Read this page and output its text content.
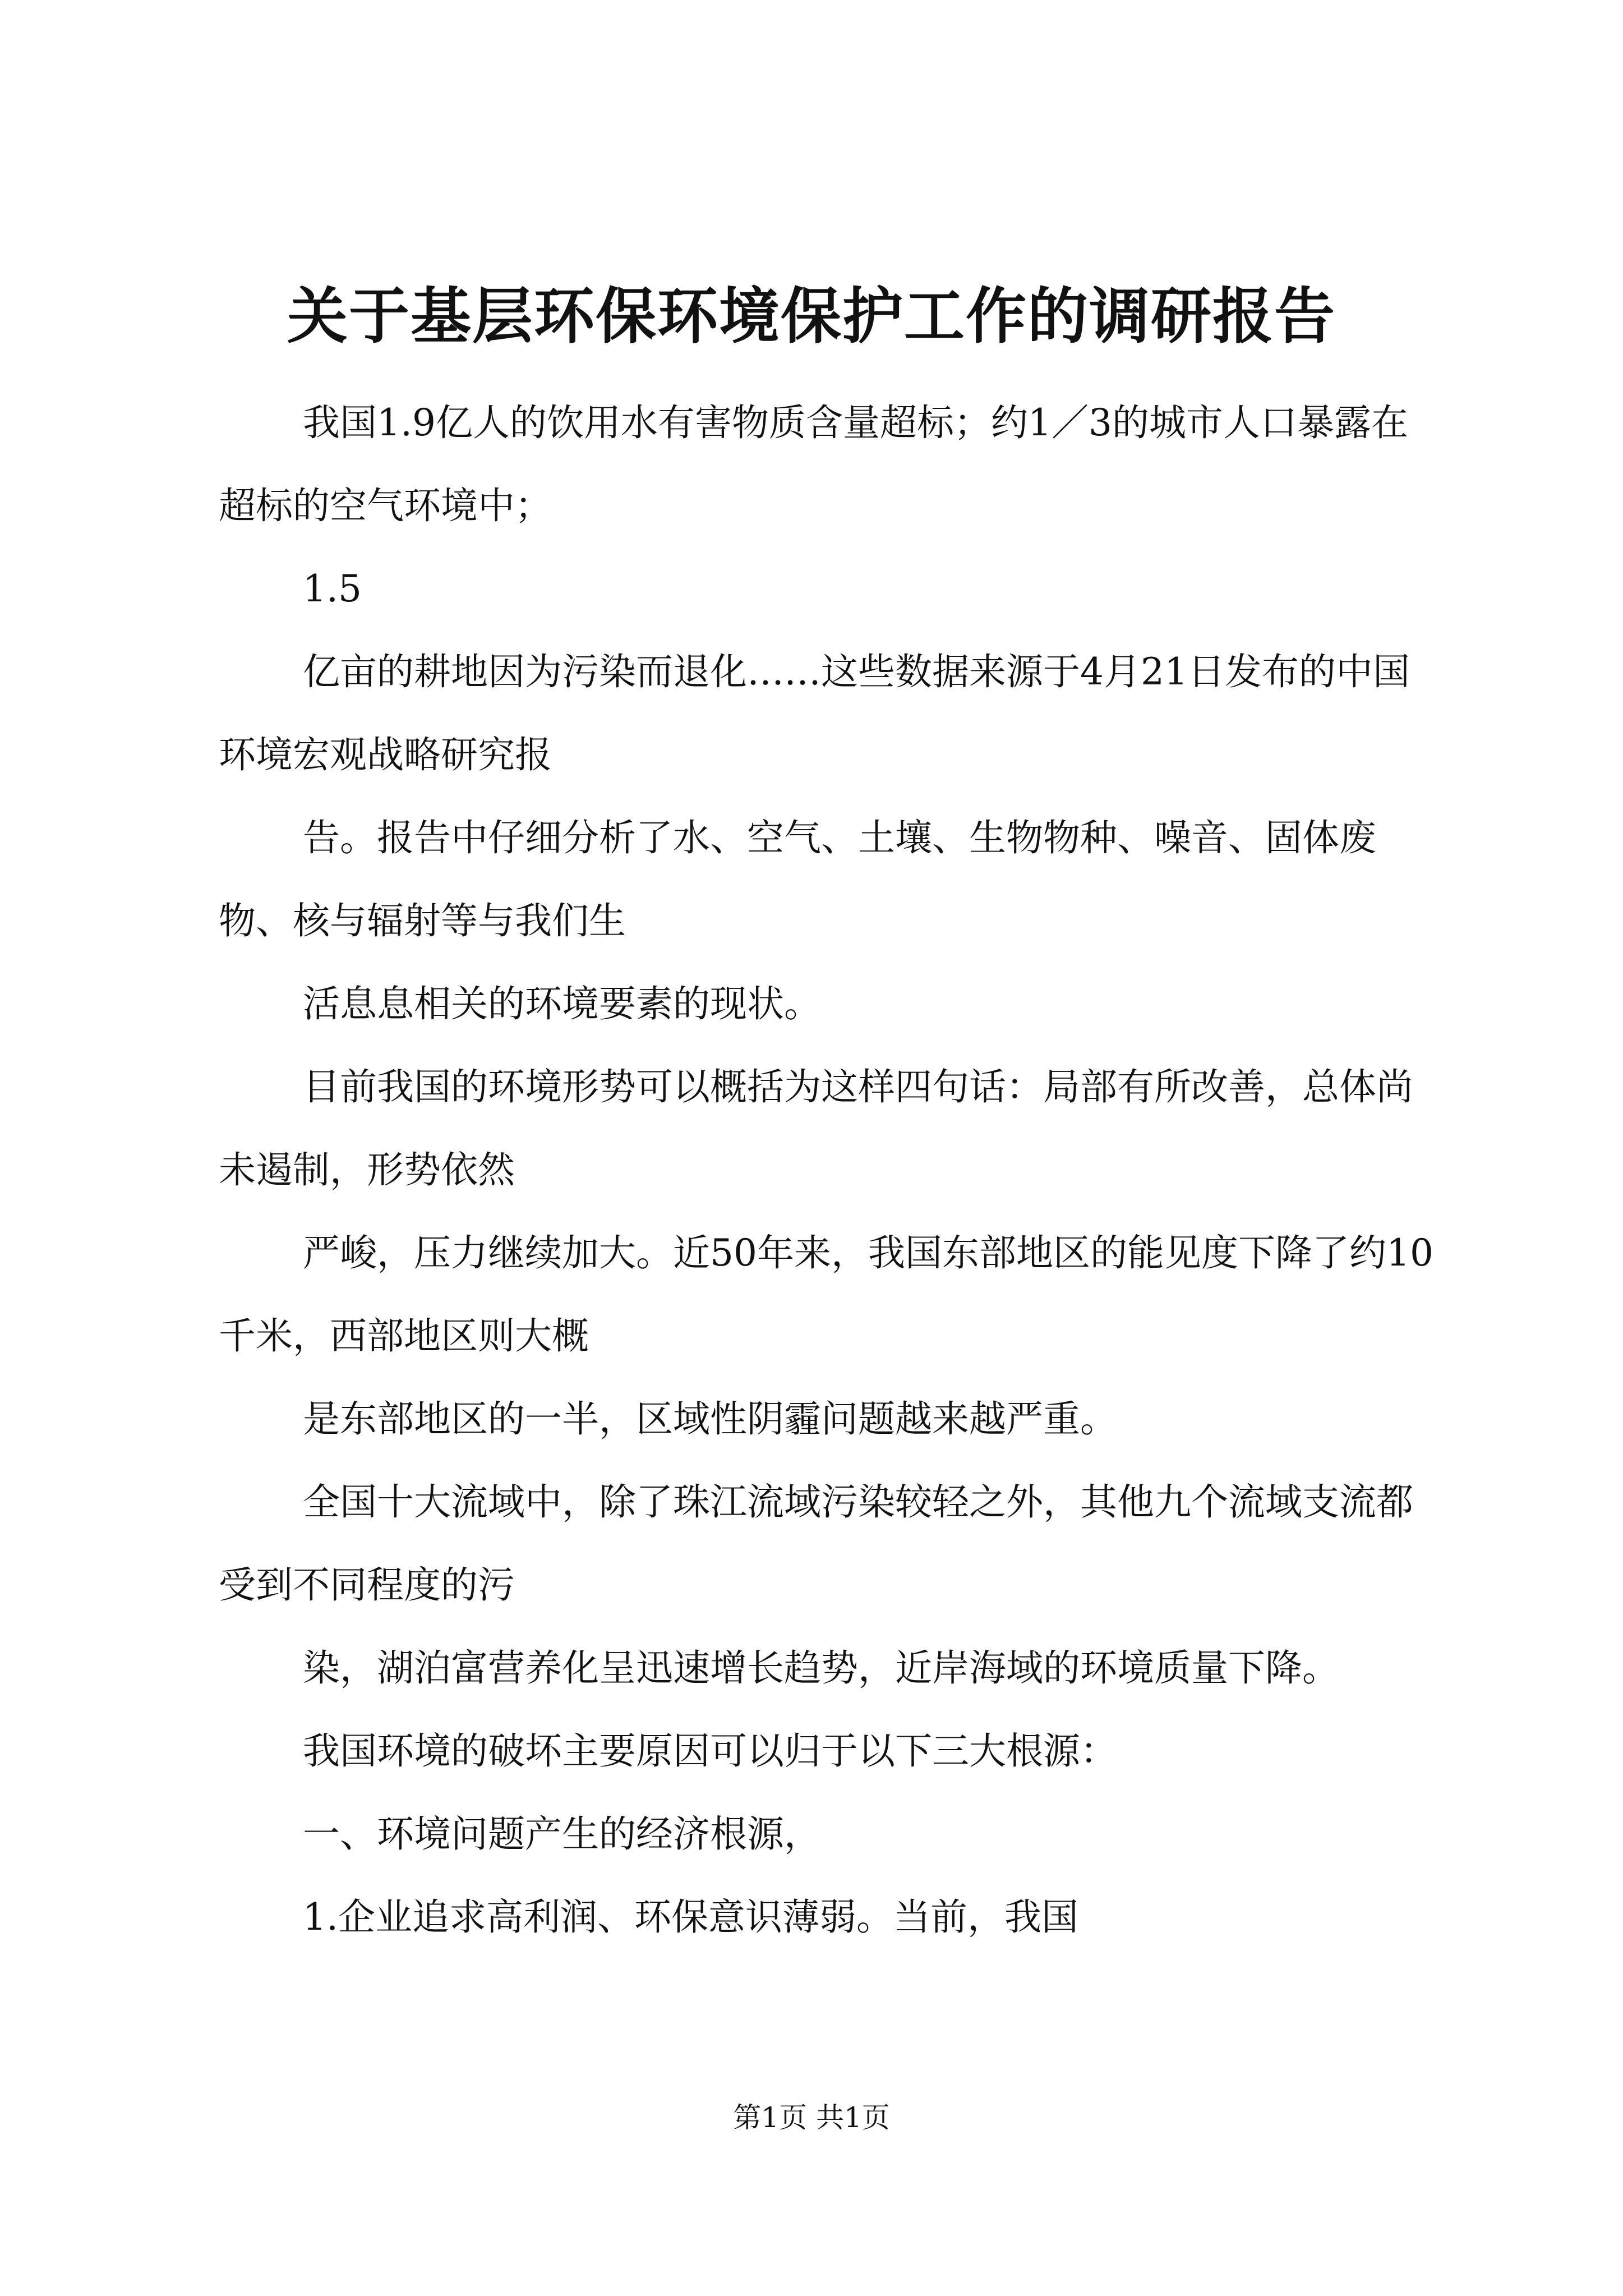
关于基层环保环境保护工作的调研报告

我国1.9亿人的饮用水有害物质含量超标；约1／3的城市人口暴露在超标的空气环境中；

1.5

亿亩的耕地因为污染而退化……这些数据来源于4月21日发布的中国环境宏观战略研究报

告。报告中仔细分析了水、空气、土壤、生物物种、噪音、固体废物、核与辐射等与我们生

活息息相关的环境要素的现状。

目前我国的环境形势可以概括为这样四句话：局部有所改善，总体尚未遏制，形势依然

严峻，压力继续加大。近50年来，我国东部地区的能见度下降了约10千米，西部地区则大概

是东部地区的一半，区域性阴霾问题越来越严重。

全国十大流域中，除了珠江流域污染较轻之外，其他九个流域支流都受到不同程度的污

染，湖泊富营养化呈迅速增长趋势，近岸海域的环境质量下降。

我国环境的破坏主要原因可以归于以下三大根源：

一、环境问题产生的经济根源，

1.企业追求高利润、环保意识薄弱。当前，我国

第1页 共1页
